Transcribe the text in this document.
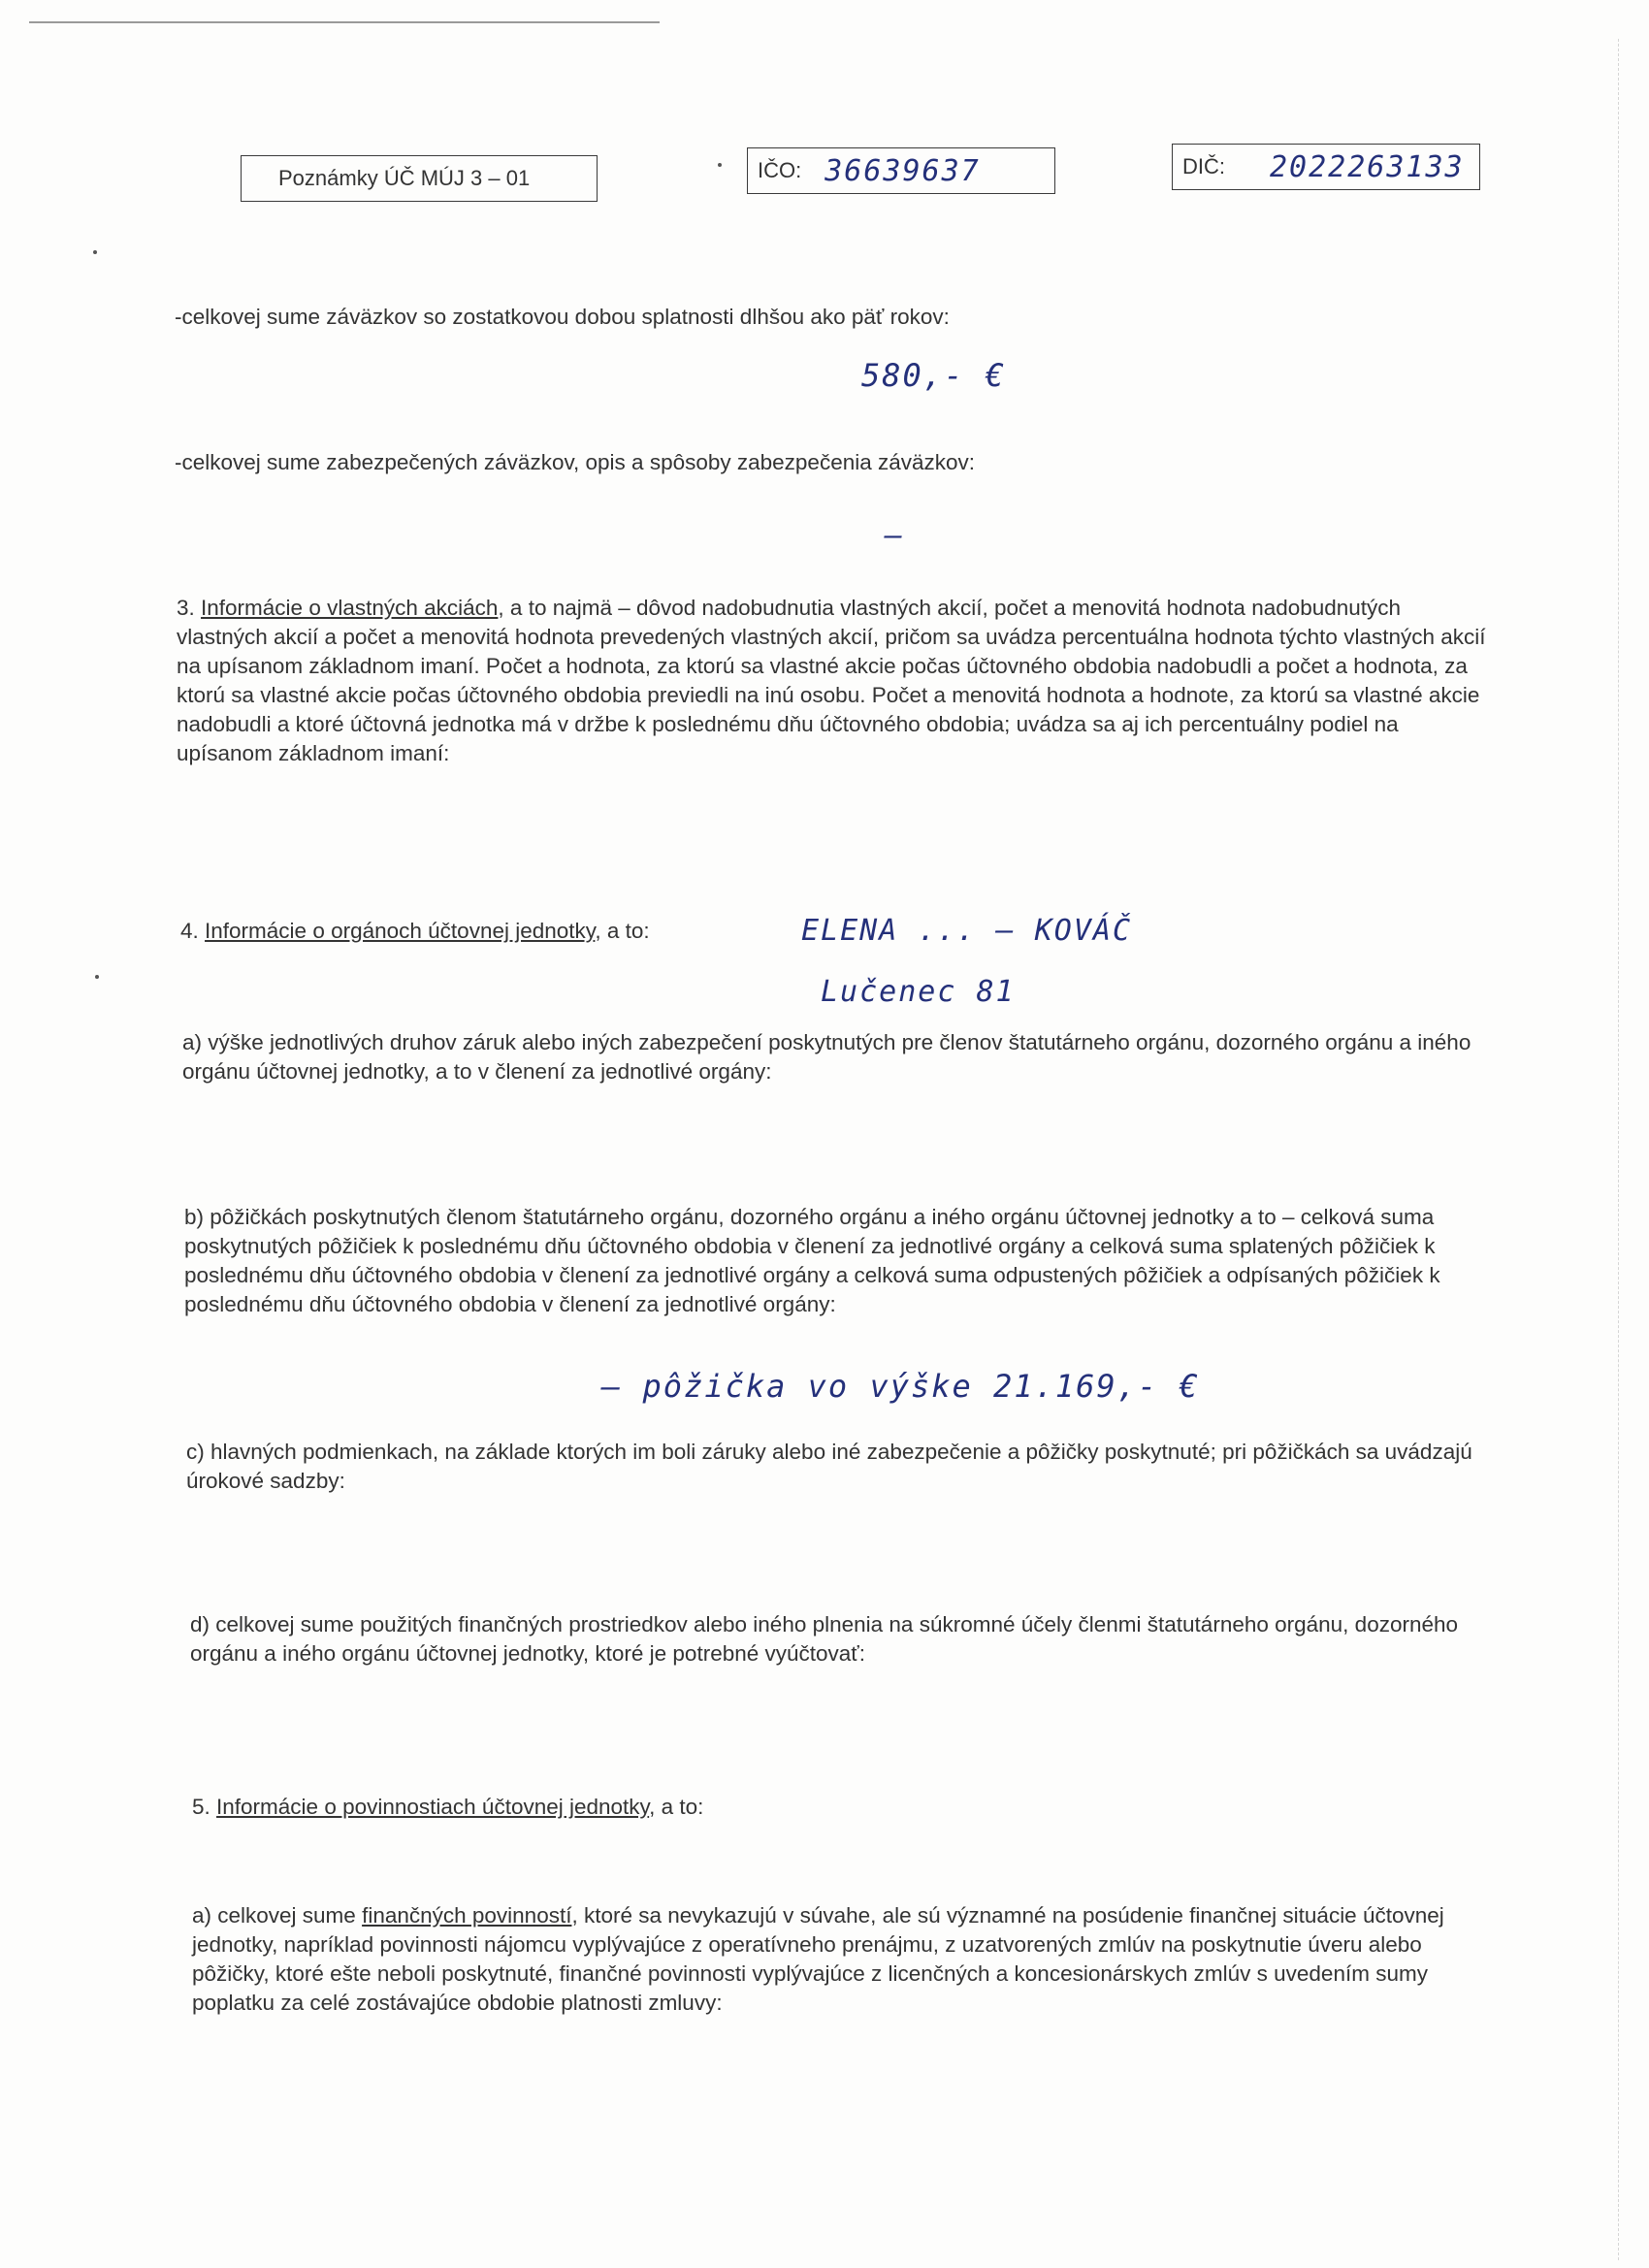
Poznámky ÚČ MÚJ 3 – 01	IČO: 36639637	DIČ: 2022263133
-celkovej sume záväzkov so zostatkovou dobou splatnosti dlhšou ako päť rokov:
580,- €
-celkovej sume zabezpečených záväzkov, opis a spôsoby zabezpečenia záväzkov:
–
3. Informácie o vlastných akciách, a to najmä – dôvod nadobudnutia vlastných akcií, počet a menovitá hodnota nadobudnutých vlastných akcií a počet a menovitá hodnota prevedených vlastných akcií, pričom sa uvádza percentuálna hodnota týchto vlastných akcií na upísanom základnom imaní. Počet a hodnota, za ktorú sa vlastné akcie počas účtovného obdobia nadobudli a počet a hodnota, za ktorú sa vlastné akcie počas účtovného obdobia previedli na inú osobu. Počet a menovitá hodnota a hodnote, za ktorú sa vlastné akcie nadobudli a ktoré účtovná jednotka má v držbe k poslednému dňu účtovného obdobia; uvádza sa aj ich percentuálny podiel na upísanom základnom imaní:
4. Informácie o orgánoch účtovnej jednotky, a to:	ELENA ... – KOVÁČ
Lučenec 81
a) výške jednotlivých druhov záruk alebo iných zabezpečení poskytnutých pre členov štatutárneho orgánu, dozorného orgánu a iného orgánu účtovnej jednotky, a to v členení za jednotlivé orgány:
b) pôžičkách poskytnutých členom štatutárneho orgánu, dozorného orgánu a iného orgánu účtovnej jednotky a to – celková suma poskytnutých pôžičiek k poslednému dňu účtovného obdobia v členení za jednotlivé orgány a celková suma splatených pôžičiek k poslednému dňu účtovného obdobia v členení za jednotlivé orgány a celková suma odpustených pôžičiek a odpísaných pôžičiek k poslednému dňu účtovného obdobia v členení za jednotlivé orgány:
– pôžička vo výške 21.169,- €
c) hlavných podmienkach, na základe ktorých im boli záruky alebo iné zabezpečenie a pôžičky poskytnuté; pri pôžičkách sa uvádzajú úrokové sadzby:
d) celkovej sume použitých finančných prostriedkov alebo iného plnenia na súkromné účely členmi štatutárneho orgánu, dozorného orgánu a iného orgánu účtovnej jednotky, ktoré je potrebné vyúčtovať:
5. Informácie o povinnostiach účtovnej jednotky, a to:
a) celkovej sume finančných povinností, ktoré sa nevykazujú v súvahe, ale sú významné na posúdenie finančnej situácie účtovnej jednotky, napríklad povinnosti nájomcu vyplývajúce z operatívneho prenájmu, z uzatvorených zmlúv na poskytnutie úveru alebo pôžičky, ktoré ešte neboli poskytnuté, finančné povinnosti vyplývajúce z licenčných a koncesionárskych zmlúv s uvedením sumy poplatku za celé zostávajúce obdobie platnosti zmluvy:
